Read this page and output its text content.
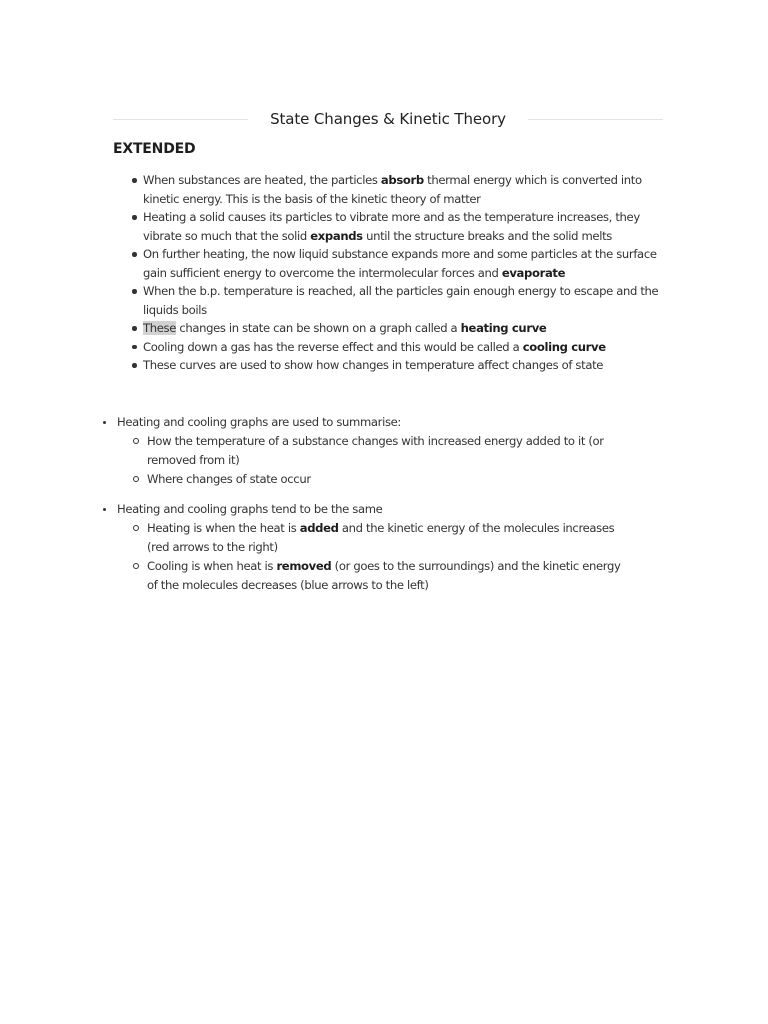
State Changes & Kinetic Theory
EXTENDED
When substances are heated, the particles absorb thermal energy which is converted into kinetic energy. This is the basis of the kinetic theory of matter
Heating a solid causes its particles to vibrate more and as the temperature increases, they vibrate so much that the solid expands until the structure breaks and the solid melts
On further heating, the now liquid substance expands more and some particles at the surface gain sufficient energy to overcome the intermolecular forces and evaporate
When the b.p. temperature is reached, all the particles gain enough energy to escape and the liquids boils
These changes in state can be shown on a graph called a heating curve
Cooling down a gas has the reverse effect and this would be called a cooling curve
These curves are used to show how changes in temperature affect changes of state
Heating and cooling graphs are used to summarise:
How the temperature of a substance changes with increased energy added to it (or removed from it)
Where changes of state occur
Heating and cooling graphs tend to be the same
Heating is when the heat is added and the kinetic energy of the molecules increases (red arrows to the right)
Cooling is when heat is removed (or goes to the surroundings) and the kinetic energy of the molecules decreases (blue arrows to the left)
